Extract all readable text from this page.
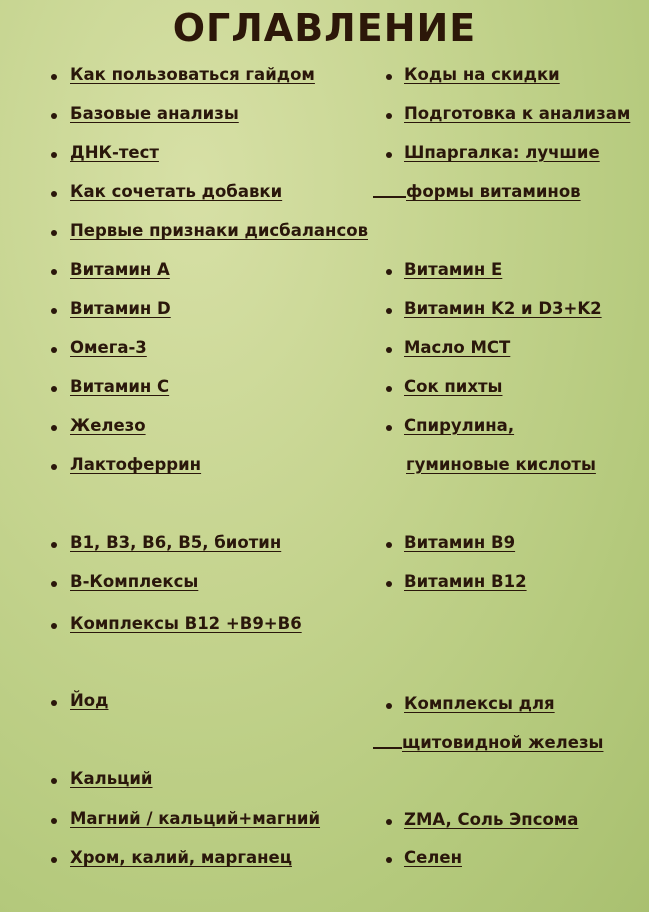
ОГЛАВЛЕНИЕ
Как пользоваться гайдом
Базовые анализы
ДНК-тест
Как сочетать добавки
Первые признаки дисбалансов
Витамин A
Витамин D
Омега-3
Витамин C
Железо
Лактоферрин
B1, B3, B6, B5, биотин
B-Комплексы
Комплексы B12 +B9+B6
Йод
Кальций
Магний / кальций+магний
Хром, калий, марганец
Коды на скидки
Подготовка к анализам
Шпаргалка: лучшие
формы витаминов
Витамин E
Витамин K2 и D3+K2
Масло MCT
Сок пихты
Спирулина,
гуминовые кислоты
Витамин B9
Витамин B12
Комплексы для
щитовидной железы
ZMA, Соль Эпсома
Селен
